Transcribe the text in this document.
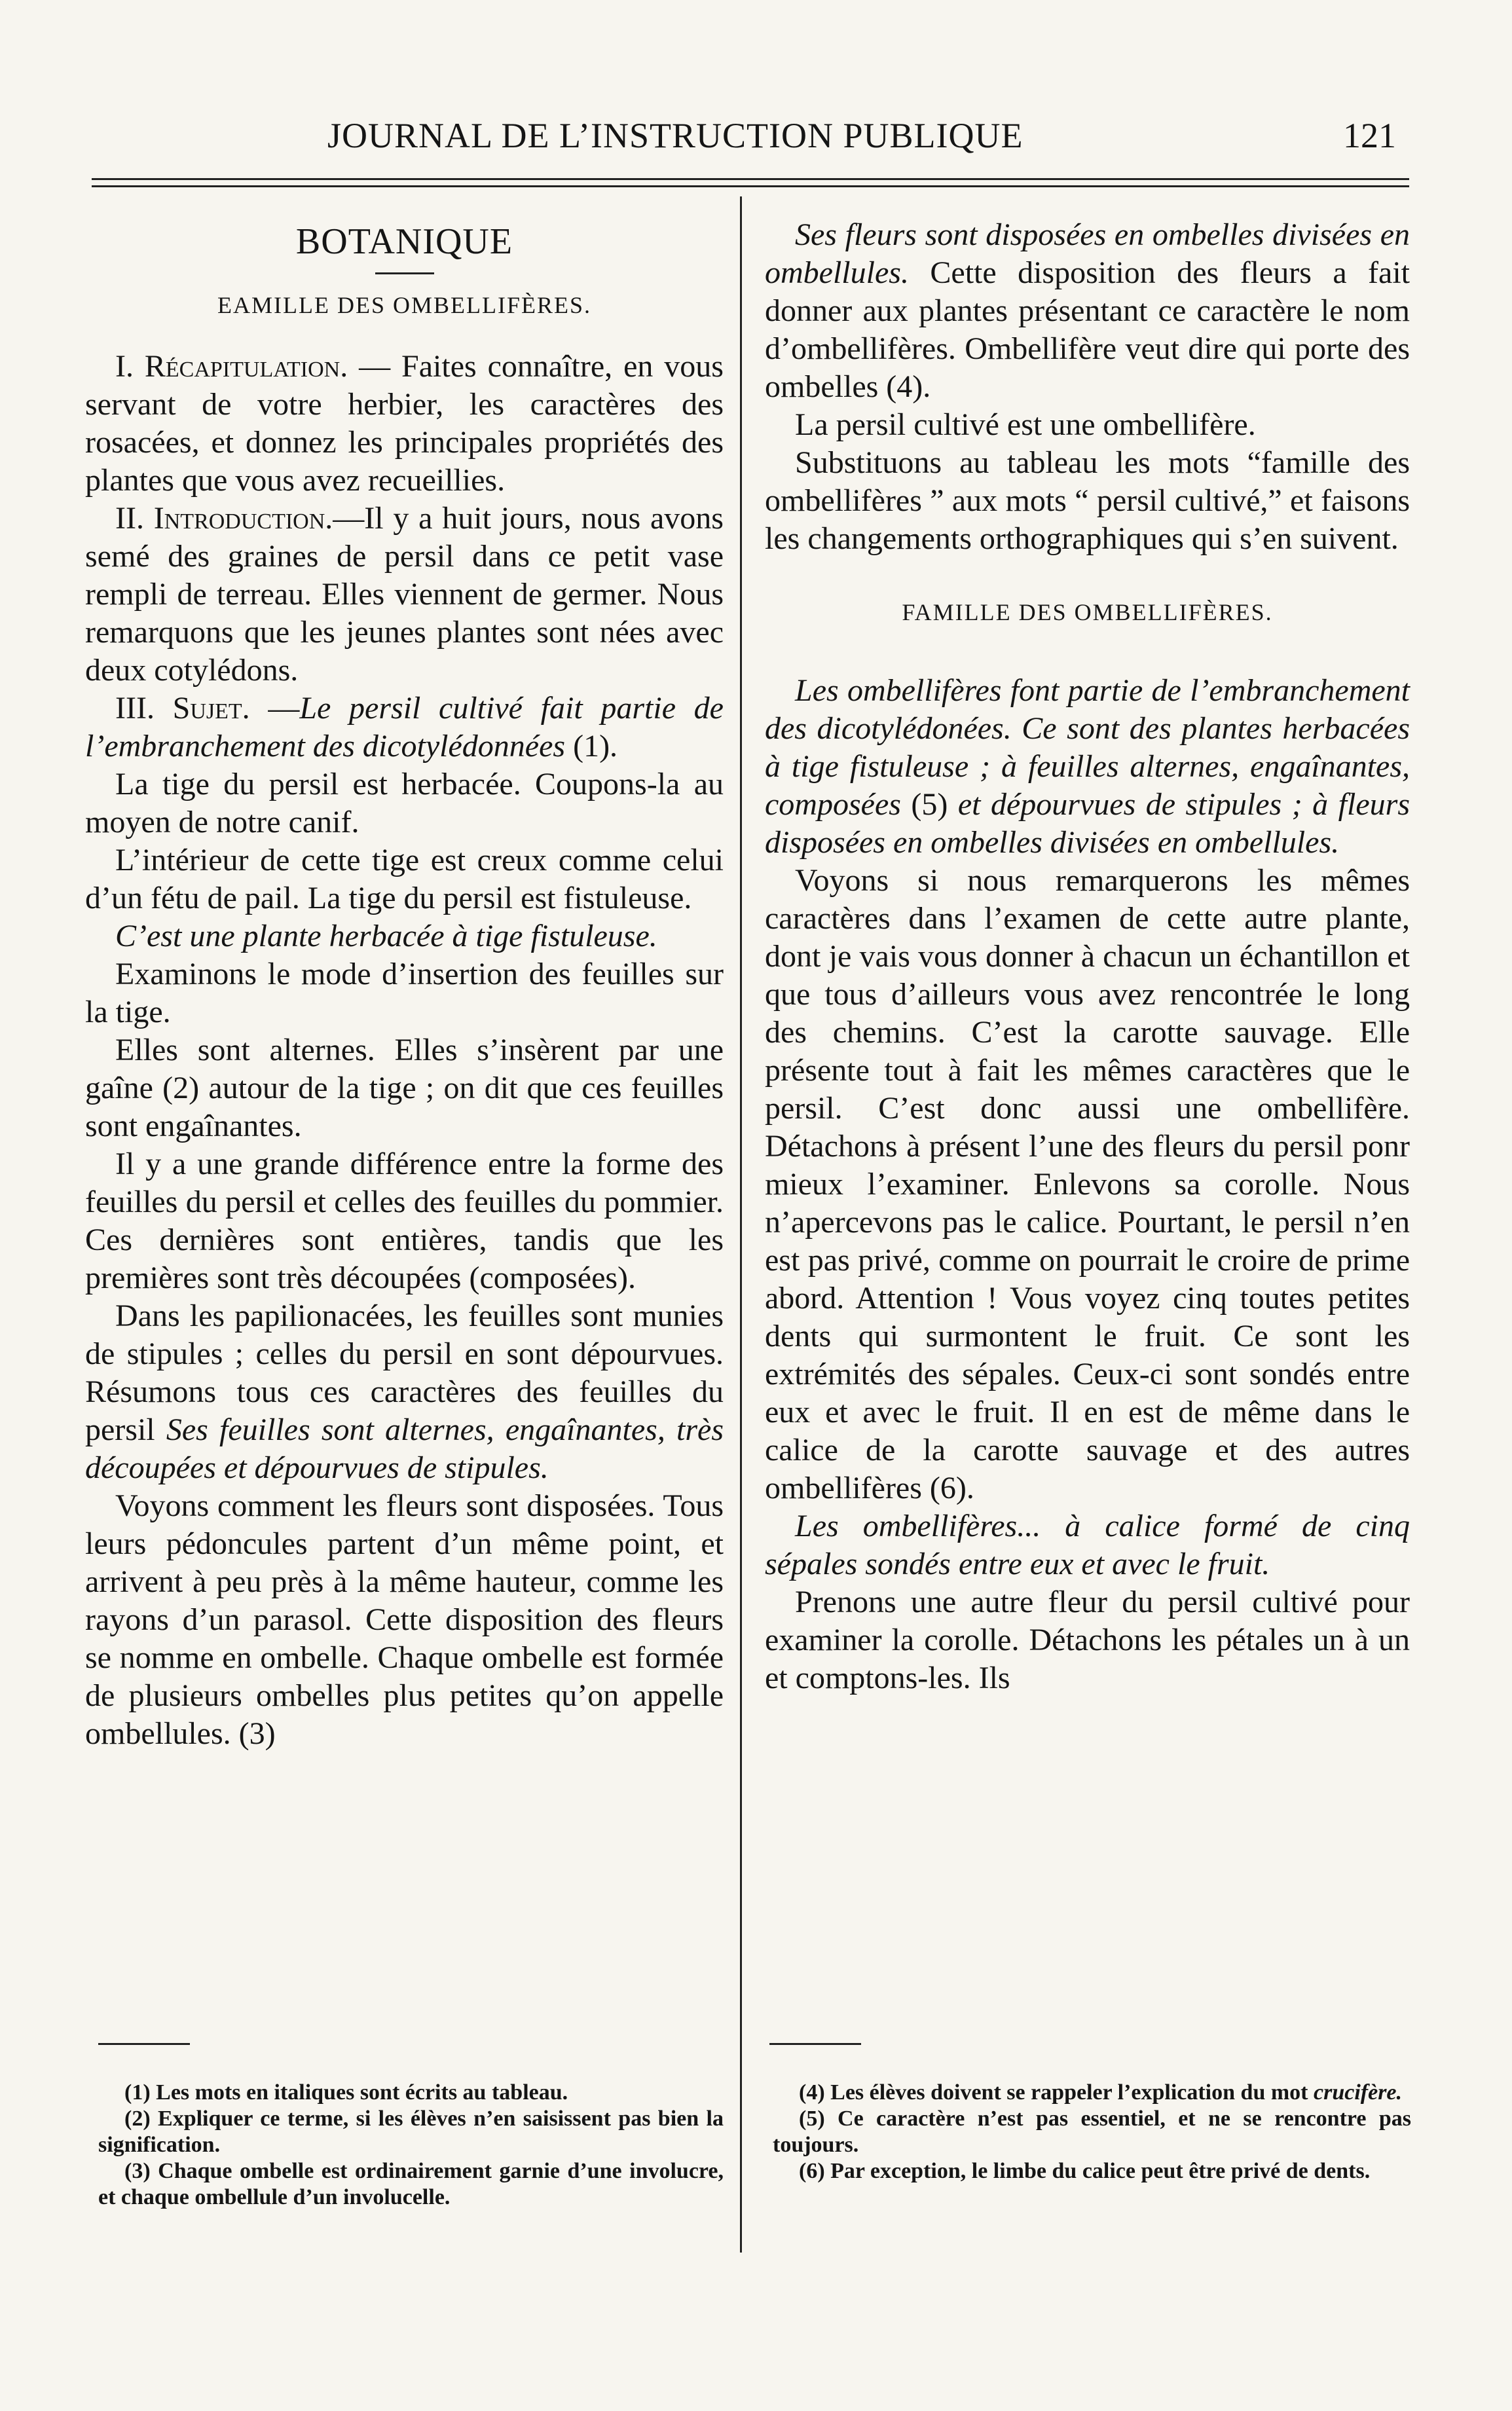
JOURNAL DE L’INSTRUCTION PUBLIQUE	121
BOTANIQUE
EAMILLE DES OMBELLIFÈRES.

I. Récapitulation. — Faites connaître, en vous servant de votre herbier, les caractères des rosacées, et donnez les principales propriétés des plantes que vous avez recueillies.

II. Introduction.—Il y a huit jours, nous avons semé des graines de persil dans ce petit vase rempli de terreau. Elles viennent de germer. Nous remarquons que les jeunes plantes sont nées avec deux cotylédons.

III. Sujet. —Le persil cultivé fait partie de l’embranchement des dicotylédonnées (1).

La tige du persil est herbacée. Coupons-la au moyen de notre canif.

L’intérieur de cette tige est creux comme celui d’un fétu de pail. La tige du persil est fistuleuse.

C’est une plante herbacée à tige fistuleuse.

Examinons le mode d’insertion des feuilles sur la tige.

Elles sont alternes. Elles s’insèrent par une gaîne (2) autour de la tige ; on dit que ces feuilles sont engaînantes.

Il y a une grande différence entre la forme des feuilles du persil et celles des feuilles du pommier. Ces dernières sont entières, tandis que les premières sont très découpées (composées).

Dans les papilionacées, les feuilles sont munies de stipules ; celles du persil en sont dépourvues. Résumons tous ces caractères des feuilles du persil Ses feuilles sont alternes, engaînantes, très découpées et dépourvues de stipules.

Voyons comment les fleurs sont disposées. Tous leurs pédoncules partent d’un même point, et arrivent à peu près à la même hauteur, comme les rayons d’un parasol. Cette disposition des fleurs se nomme en ombelle. Chaque ombelle est formée de plusieurs ombelles plus petites qu’on appelle ombellules. (3)

Ses fleurs sont disposées en ombelles divisées en ombellules. Cette disposition des fleurs a fait donner aux plantes présentant ce caractère le nom d’ombellifères. Ombellifère veut dire qui porte des ombelles (4).

La persil cultivé est une ombellifère.

Substituons au tableau les mots “famille des ombellifères ” aux mots “ persil cultivé,” et faisons les changements orthographiques qui s’en suivent.

FAMILLE DES OMBELLIFÈRES.

Les ombellifères font partie de l’embranchement des dicotylédonées. Ce sont des plantes herbacées à tige fistuleuse ; à feuilles alternes, engaînantes, composées (5) et dépourvues de stipules ; à fleurs disposées en ombelles divisées en ombellules.

Voyons si nous remarquerons les mêmes caractères dans l’examen de cette autre plante, dont je vais vous donner à chacun un échantillon et que tous d’ailleurs vous avez rencontrée le long des chemins. C’est la carotte sauvage. Elle présente tout à fait les mêmes caractères que le persil. C’est donc aussi une ombellifère. Détachons à présent l’une des fleurs du persil ponr mieux l’examiner. Enlevons sa corolle. Nous n’apercevons pas le calice. Pourtant, le persil n’en est pas privé, comme on pourrait le croire de prime abord. Attention ! Vous voyez cinq toutes petites dents qui surmontent le fruit. Ce sont les extrémités des sépales. Ceux-ci sont sondés entre eux et avec le fruit. Il en est de même dans le calice de la carotte sauvage et des autres ombellifères (6).

Les ombellifères... à calice formé de cinq sépales sondés entre eux et avec le fruit.

Prenons une autre fleur du persil cultivé pour examiner la corolle. Détachons les pétales un à un et comptons-les. Ils

(1) Les mots en italiques sont écrits au tableau.

(2) Expliquer ce terme, si les élèves n’en saisissent pas bien la signification.

(3) Chaque ombelle est ordinairement garnie d’une involucre, et chaque ombellule d’un involucelle.

(4) Les élèves doivent se rappeler l’explication du mot crucifère.

(5) Ce caractère n’est pas essentiel, et ne se rencontre pas toujours.

(6) Par exception, le limbe du calice peut être privé de dents.
